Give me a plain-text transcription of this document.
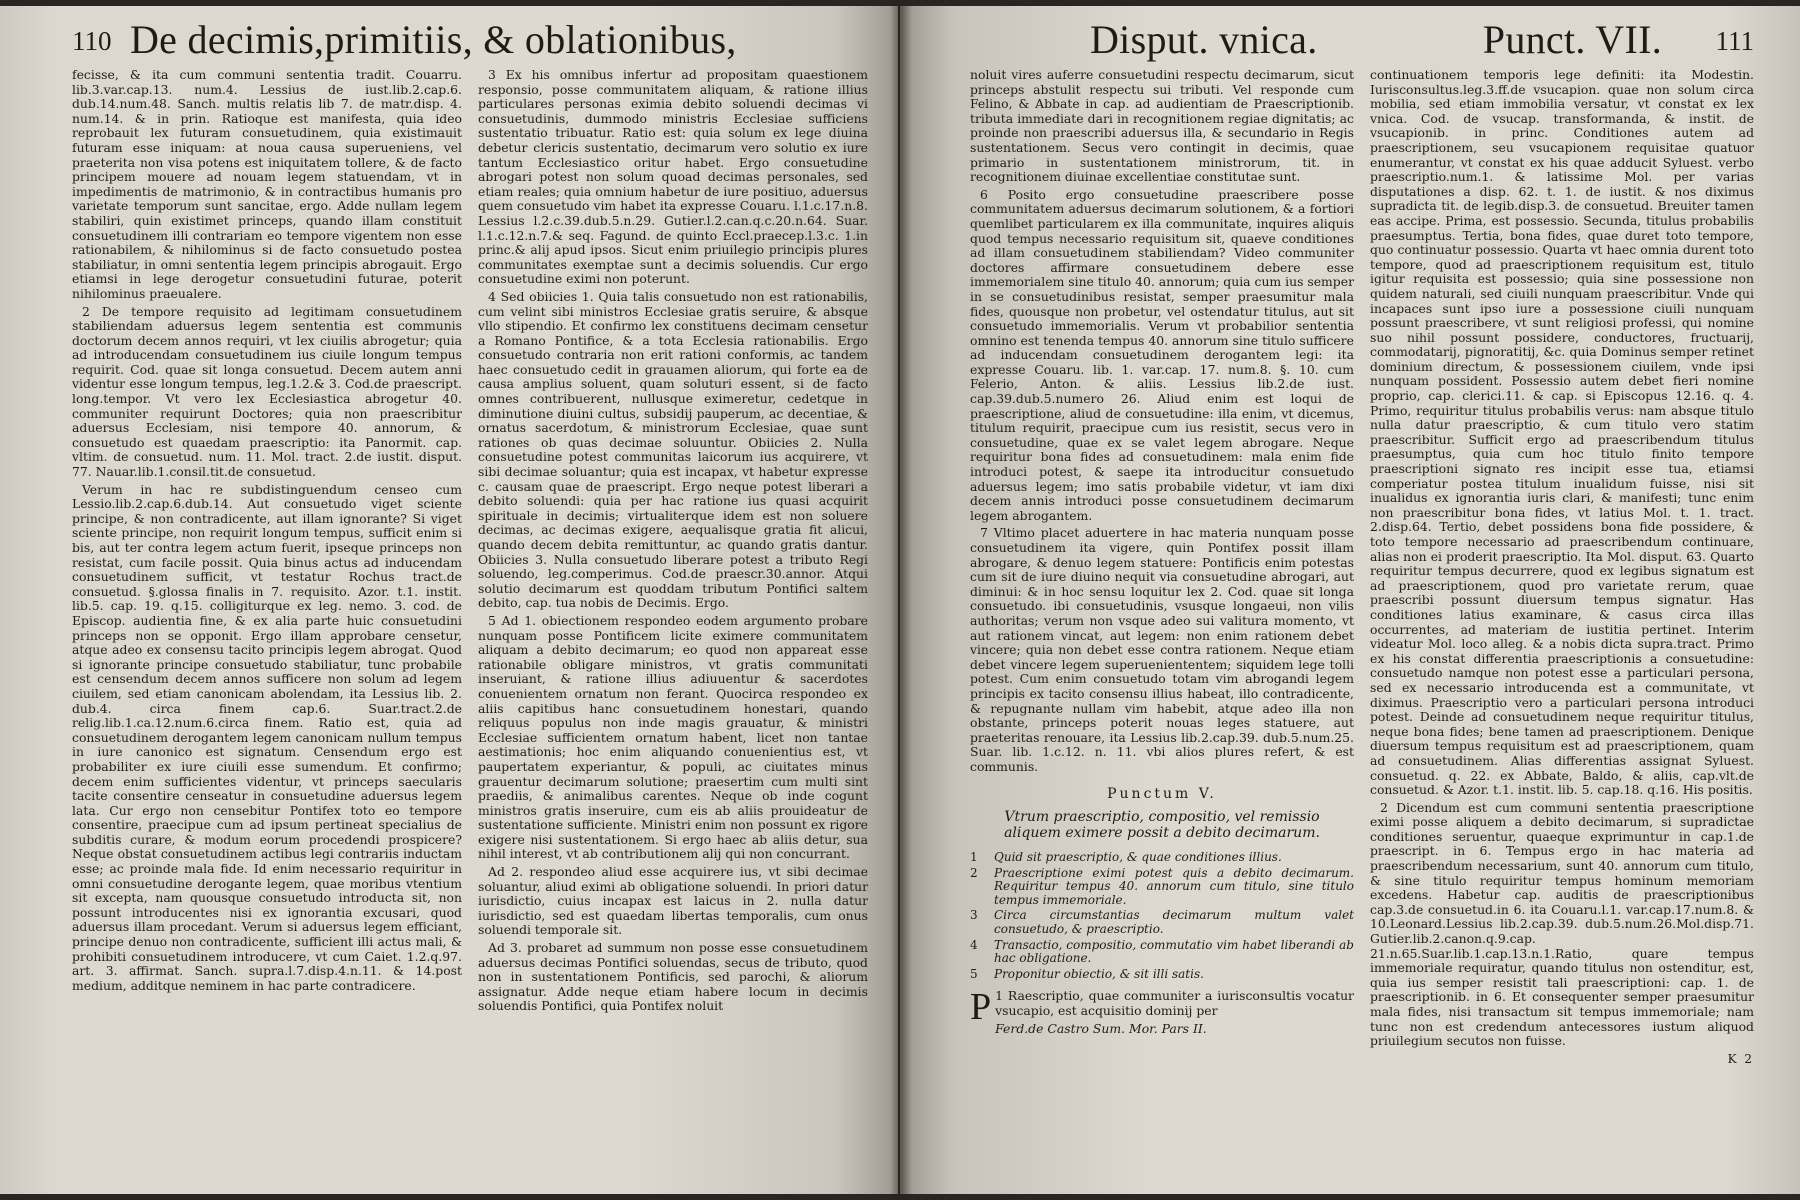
110 De decimis,primitiis, & oblationibus,

fecisse, & ita cum communi sententia tradit. Couarru. lib.3.var.cap.13. num.4. Lessius de iust.lib.2.cap.6. dub.14.num.48. Sanch. multis relatis lib 7. de matr.disp. 4. num.14. & in prin. Ratioque est manifesta, quia ideo reprobauit lex futuram consuetudinem, quia existimauit futuram esse iniquam: at noua causa superueniens, vel praeterita non visa potens est iniquitatem tollere, & de facto principem mouere ad nouam legem statuendam, vt in impedimentis de matrimonio, & in contractibus humanis pro varietate temporum sunt sancitae, ergo. Adde nullam legem stabiliri, quin existimet princeps, quando illam constituit consuetudinem illi contrariam eo tempore vigentem non esse rationabilem, & nihilominus si de facto consuetudo postea stabiliatur, in omni sententia legem principis abrogauit. Ergo etiamsi in lege derogetur consuetudini futurae, poterit nihilominus praeualere.

2 De tempore requisito ad legitimam consuetudinem stabiliendam aduersus legem sententia est communis doctorum decem annos requiri, vt lex ciuilis abrogetur; quia ad introducendam consuetudinem ius ciuile longum tempus requirit. Cod. quae sit longa consuetud. Decem autem anni videntur esse longum tempus, leg.1.2.& 3. Cod.de praescript. long.tempor. Vt vero lex Ecclesiastica abrogetur 40. communiter requirunt Doctores; quia non praescribitur aduersus Ecclesiam, nisi tempore 40. annorum, & consuetudo est quaedam praescriptio: ita Panormit. cap. vltim. de consuetud. num. 11. Mol. tract. 2.de iustit. disput. 77. Nauar.lib.1.consil.tit.de consuetud.

Verum in hac re subdistinguendum censeo cum Lessio.lib.2.cap.6.dub.14. Aut consuetudo viget sciente principe, & non contradicente, aut illam ignorante? Si viget sciente principe, non requirit longum tempus, sufficit enim si bis, aut ter contra legem actum fuerit, ipseque princeps non resistat, cum facile possit. Quia binus actus ad inducendam consuetudinem sufficit, vt testatur Rochus tract.de consuetud. §.glossa finalis in 7. requisito. Azor. t.1. instit. lib.5. cap. 19. q.15. colligiturque ex leg. nemo. 3. cod. de Episcop. audientia fine, & ex alia parte huic consuetudini princeps non se opponit. Ergo illam approbare censetur, atque adeo ex consensu tacito principis legem abrogat. Quod si ignorante principe consuetudo stabiliatur, tunc probabile est censendum decem annos sufficere non solum ad legem ciuilem, sed etiam canonicam abolendam, ita Lessius lib. 2. dub.4. circa finem cap.6. Suar.tract.2.de relig.lib.1.ca.12.num.6.circa finem. Ratio est, quia ad consuetudinem derogantem legem canonicam nullum tempus in iure canonico est signatum. Censendum ergo est probabiliter ex iure ciuili esse sumendum. Et confirmo; decem enim sufficientes videntur, vt princeps saecularis tacite consentire censeatur in consuetudine aduersus legem lata. Cur ergo non censebitur Pontifex toto eo tempore consentire, praecipue cum ad ipsum pertineat specialius de subditis curare, & modum eorum procedendi prospicere? Neque obstat consuetudinem actibus legi contrariis inductam esse; ac proinde mala fide. Id enim necessario requiritur in omni consuetudine derogante legem, quae moribus vtentium sit excepta, nam quousque consuetudo introducta sit, non possunt introducentes nisi ex ignorantia excusari, quod aduersus illam procedant. Verum si aduersus legem efficiant, principe denuo non contradicente, sufficient illi actus mali, & prohibiti consuetudinem introducere, vt cum Caiet. 1.2.q.97. art. 3. affirmat. Sanch. supra.l.7.disp.4.n.11. & 14.post medium, additque neminem in hac parte contradicere.

3 Ex his omnibus infertur ad propositam quaestionem responsio, posse communitatem aliquam, & ratione illius particulares personas eximia debito soluendi decimas vi consuetudinis, dummodo ministris Ecclesiae sufficiens sustentatio tribuatur. Ratio est: quia solum ex lege diuina debetur clericis sustentatio, decimarum vero solutio ex iure tantum Ecclesiastico oritur habet. Ergo consuetudine abrogari potest non solum quoad decimas personales, sed etiam reales; quia omnium habetur de iure positiuo, aduersus quem consuetudo vim habet ita expresse Couaru. l.1.c.17.n.8. Lessius l.2.c.39.dub.5.n.29. Gutier.l.2.can.q.c.20.n.64. Suar. l.1.c.12.n.7.& seq. Fagund. de quinto Eccl.praecep.l.3.c. 1.in princ.& alij apud ipsos. Sicut enim priuilegio principis plures communitates exemptae sunt a decimis soluendis. Cur ergo consuetudine eximi non poterunt.

4 Sed obiicies 1. Quia talis consuetudo non est rationabilis, cum velint sibi ministros Ecclesiae gratis seruire, & absque vllo stipendio. Et confirmo lex constituens decimam censetur a Romano Pontifice, & a tota Ecclesia rationabilis. Ergo consuetudo contraria non erit rationi conformis, ac tandem haec consuetudo cedit in grauamen aliorum, qui forte ea de causa amplius soluent, quam soluturi essent, si de facto omnes contribuerent, nullusque eximeretur, cedetque in diminutione diuini cultus, subsidij pauperum, ac decentiae, & ornatus sacerdotum, & ministrorum Ecclesiae, quae sunt rationes ob quas decimae soluuntur. Obiicies 2. Nulla consuetudine potest communitas laicorum ius acquirere, vt sibi decimae soluantur; quia est incapax, vt habetur expresse c. causam quae de praescript. Ergo neque potest liberari a debito soluendi: quia per hac ratione ius quasi acquirit spirituale in decimis; virtualiterque idem est non soluere decimas, ac decimas exigere, aequalisque gratia fit alicui, quando decem debita remittuntur, ac quando gratis dantur. Obiicies 3. Nulla consuetudo liberare potest a tributo Regi soluendo, leg.comperimus. Cod.de praescr.30.annor. Atqui solutio decimarum est quoddam tributum Pontifici saltem debito, cap. tua nobis de Decimis. Ergo.

5 Ad 1. obiectionem respondeo eodem argumento probare nunquam posse Pontificem licite eximere communitatem aliquam a debito decimarum; eo quod non appareat esse rationabile obligare ministros, vt gratis communitati inseruiant, & ratione illius adiuuentur & sacerdotes conuenientem ornatum non ferant. Quocirca respondeo ex aliis capitibus hanc consuetudinem honestari, quando reliquus populus non inde magis grauatur, & ministri Ecclesiae sufficientem ornatum habent, licet non tantae aestimationis; hoc enim aliquando conuenientius est, vt paupertatem experiantur, & populi, ac ciuitates minus grauentur decimarum solutione; praesertim cum multi sint praediis, & animalibus carentes. Neque ob inde cogunt ministros gratis inseruire, cum eis ab aliis prouideatur de sustentatione sufficiente. Ministri enim non possunt ex rigore exigere nisi sustentationem. Si ergo haec ab aliis detur, sua nihil interest, vt ab contributionem alij qui non concurrant.

Ad 2. respondeo aliud esse acquirere ius, vt sibi decimae soluantur, aliud eximi ab obligatione soluendi. In priori datur iurisdictio, cuius incapax est laicus in 2. nulla datur iurisdictio, sed est quaedam libertas temporalis, cum onus soluendi temporale sit.

Ad 3. probaret ad summum non posse esse consuetudinem aduersus decimas Pontifici soluendas, secus de tributo, quod non in sustentationem Pontificis, sed parochi, & aliorum assignatur. Adde neque etiam habere locum in decimis soluendis Pontifici, quia Pontifex noluit

Disput. vnica.	Punct. VII. 111

noluit vires auferre consuetudini respectu decimarum, sicut princeps abstulit respectu sui tributi. Vel responde cum Felino, & Abbate in cap. ad audientiam de Praescriptionib. tributa immediate dari in recognitionem regiae dignitatis; ac proinde non praescribi aduersus illa, & secundario in Regis sustentationem. Secus vero contingit in decimis, quae primario in sustentationem ministrorum, tit. in recognitionem diuinae excellentiae constitutae sunt.

6 Posito ergo consuetudine praescribere posse communitatem aduersus decimarum solutionem, & a fortiori quemlibet particularem ex illa communitate, inquires aliquis quod tempus necessario requisitum sit, quaeve conditiones ad illam consuetudinem stabiliendam? Video communiter doctores affirmare consuetudinem debere esse immemorialem sine titulo 40. annorum; quia cum ius semper in se consuetudinibus resistat, semper praesumitur mala fides, quousque non probetur, vel ostendatur titulus, aut sit consuetudo immemorialis. Verum vt probabilior sententia omnino est tenenda tempus 40. annorum sine titulo sufficere ad inducendam consuetudinem derogantem legi: ita expresse Couaru. lib. 1. var.cap. 17. num.8. §. 10. cum Felerio, Anton. & aliis. Lessius lib.2.de iust. cap.39.dub.5.numero 26. Aliud enim est loqui de praescriptione, aliud de consuetudine: illa enim, vt dicemus, titulum requirit, praecipue cum ius resistit, secus vero in consuetudine, quae ex se valet legem abrogare. Neque requiritur bona fides ad consuetudinem: mala enim fide introduci potest, & saepe ita introducitur consuetudo aduersus legem; imo satis probabile videtur, vt iam dixi decem annis introduci posse consuetudinem decimarum legem abrogantem.

7 Vltimo placet aduertere in hac materia nunquam posse consuetudinem ita vigere, quin Pontifex possit illam abrogare, & denuo legem statuere: Pontificis enim potestas cum sit de iure diuino nequit via consuetudine abrogari, aut diminui: & in hoc sensu loquitur lex 2. Cod. quae sit longa consuetudo. ibi consuetudinis, vsusque longaeui, non vilis authoritas; verum non vsque adeo sui valitura momento, vt aut rationem vincat, aut legem: non enim rationem debet vincere; quia non debet esse contra rationem. Neque etiam debet vincere legem superueniententem; siquidem lege tolli potest. Cum enim consuetudo totam vim abrogandi legem principis ex tacito consensu illius habeat, illo contradicente, & repugnante nullam vim habebit, atque adeo illa non obstante, princeps poterit nouas leges statuere, aut praeteritas renouare, ita Lessius lib.2.cap.39. dub.5.num.25. Suar. lib. 1.c.12. n. 11. vbi alios plures refert, & est communis.

Punctum V.
Vtrum praescriptio, compositio, vel remissio aliquem eximere possit a debito decimarum.
1	Quid sit praescriptio, & quae conditiones illius.
2	Praescriptione eximi potest quis a debito decimarum. Requiritur tempus 40. annorum cum titulo, sine titulo tempus immemoriale.
3	Circa circumstantias decimarum multum valet consuetudo, & praescriptio.
4	Transactio, compositio, commutatio vim habet liberandi ab hac obligatione.
5	Proponitur obiectio, & sit illi satis.

1
P Raescriptio, quae communiter a iurisconsultis vocatur vsucapio, est acquisitio dominij per

Ferd.de Castro Sum. Mor. Pars II.

continuationem temporis lege definiti: ita Modestin. Iurisconsultus.leg.3.ff.de vsucapion. quae non solum circa mobilia, sed etiam immobilia versatur, vt constat ex lex vnica. Cod. de vsucap. transformanda, & instit. de vsucapionib. in princ. Conditiones autem ad praescriptionem, seu vsucapionem requisitae quatuor enumerantur, vt constat ex his quae adducit Syluest. verbo praescriptio.num.1. & latissime Mol. per varias disputationes a disp. 62. t. 1. de iustit. & nos diximus supradicta tit. de legib.disp.3. de consuetud. Breuiter tamen eas accipe. Prima, est possessio. Secunda, titulus probabilis praesumptus. Tertia, bona fides, quae duret toto tempore, quo continuatur possessio. Quarta vt haec omnia durent toto tempore, quod ad praescriptionem requisitum est, titulo igitur requisita est possessio; quia sine possessione non quidem naturali, sed ciuili nunquam praescribitur. Vnde qui incapaces sunt ipso iure a possessione ciuili nunquam possunt praescribere, vt sunt religiosi professi, qui nomine suo nihil possunt possidere, conductores, fructuarij, commodatarij, pignoratitij, &c. quia Dominus semper retinet dominium directum, & possessionem ciuilem, vnde ipsi nunquam possident. Possessio autem debet fieri nomine proprio, cap. clerici.11. & cap. si Episcopus 12.16. q. 4. Primo, requiritur titulus probabilis verus: nam absque titulo nulla datur praescriptio, & cum titulo vero statim praescribitur. Sufficit ergo ad praescribendum titulus praesumptus, quia cum hoc titulo finito tempore praescriptioni signato res incipit esse tua, etiamsi comperiatur postea titulum inualidum fuisse, nisi sit inualidus ex ignorantia iuris clari, & manifesti; tunc enim non praescribitur bona fides, vt latius Mol. t. 1. tract. 2.disp.64. Tertio, debet possidens bona fide possidere, & toto tempore necessario ad praescribendum continuare, alias non ei proderit praescriptio. Ita Mol. disput. 63. Quarto requiritur tempus decurrere, quod ex legibus signatum est ad praescriptionem, quod pro varietate rerum, quae praescribi possunt diuersum tempus signatur. Has conditiones latius examinare, & casus circa illas occurrentes, ad materiam de iustitia pertinet. Interim videatur Mol. loco alleg. & a nobis dicta supra.tract. Primo ex his constat differentia praescriptionis a consuetudine: consuetudo namque non potest esse a particulari persona, sed ex necessario introducenda est a communitate, vt diximus. Praescriptio vero a particulari persona introduci potest. Deinde ad consuetudinem neque requiritur titulus, neque bona fides; bene tamen ad praescriptionem. Denique diuersum tempus requisitum est ad praescriptionem, quam ad consuetudinem. Alias differentias assignat Syluest. consuetud. q. 22. ex Abbate, Baldo, & aliis, cap.vlt.de consuetud. & Azor. t.1. instit. lib. 5. cap.18. q.16. His positis.

2 Dicendum est cum communi sententia praescriptione eximi posse aliquem a debito decimarum, si supradictae conditiones seruentur, quaeque exprimuntur in cap.1.de praescript. in 6. Tempus ergo in hac materia ad praescribendum necessarium, sunt 40. annorum cum titulo, & sine titulo requiritur tempus hominum memoriam excedens. Habetur cap. auditis de praescriptionibus cap.3.de consuetud.in 6. ita Couaru.l.1. var.cap.17.num.8. & 10.Leonard.Lessius lib.2.cap.39. dub.5.num.26.Mol.disp.71. Gutier.lib.2.canon.q.9.cap. 21.n.65.Suar.lib.1.cap.13.n.1.Ratio, quare tempus immemoriale requiratur, quando titulus non ostenditur, est, quia ius semper resistit tali praescriptioni: cap. 1. de praescriptionib. in 6. Et consequenter semper praesumitur mala fides, nisi transactum sit tempus immemoriale; nam tunc non est credendum antecessores iustum aliquod priuilegium secutos non fuisse.

K 2
